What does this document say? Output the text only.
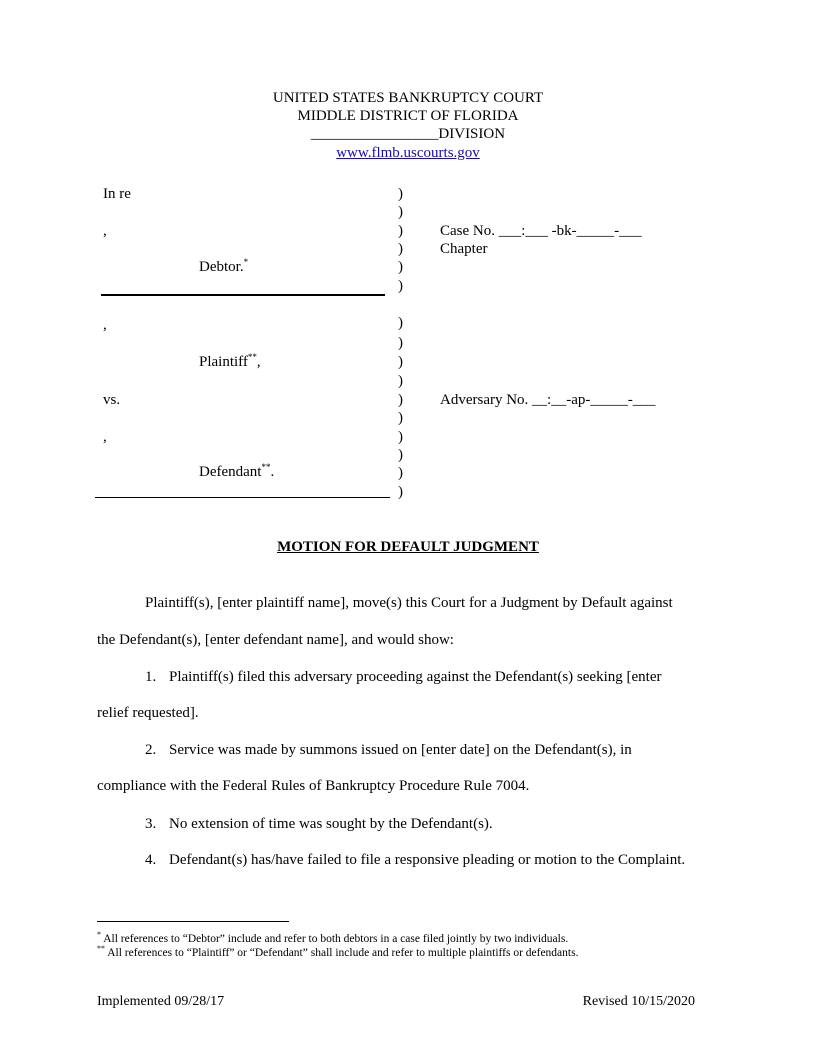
UNITED STATES BANKRUPTCY COURT
MIDDLE DISTRICT OF FLORIDA
_________________DIVISION
www.flmb.uscourts.gov
In re
,
Debtor.*
,
Plaintiff**,
vs.
,
Defendant**.
)
)
)
)
)
)
)
)
)
)
)
)
)
)
)
)
Case No. ___:___ -bk-_____-___
Chapter
Adversary No. __:__-ap-_____-___
MOTION FOR DEFAULT JUDGMENT
Plaintiff(s), [enter plaintiff name], move(s) this Court for a Judgment by Default against
the Defendant(s), [enter defendant name], and would show:
1. Plaintiff(s) filed this adversary proceeding against the Defendant(s) seeking [enter
relief requested].
2. Service was made by summons issued on [enter date] on the Defendant(s), in
compliance with the Federal Rules of Bankruptcy Procedure Rule 7004.
3. No extension of time was sought by the Defendant(s).
4. Defendant(s) has/have failed to file a responsive pleading or motion to the Complaint.
* All references to “Debtor” include and refer to both debtors in a case filed jointly by two individuals.
** All references to “Plaintiff” or “Defendant” shall include and refer to multiple plaintiffs or defendants.
Implemented 09/28/17	Revised 10/15/2020
